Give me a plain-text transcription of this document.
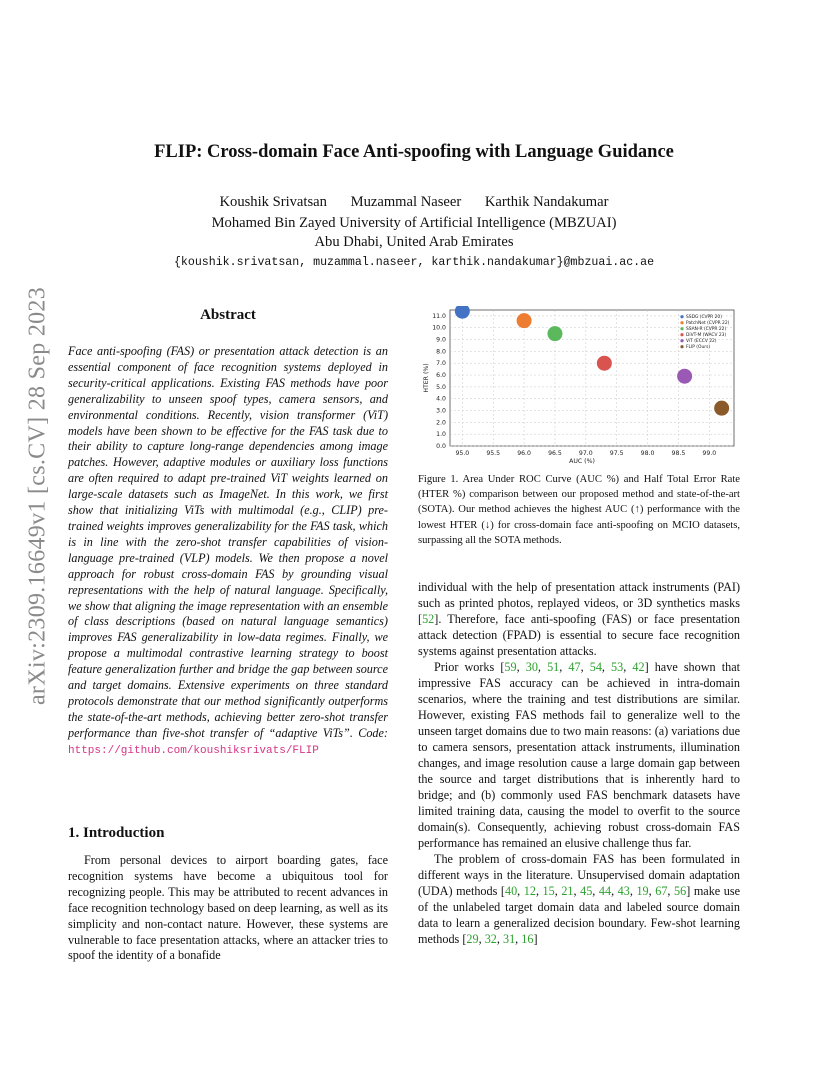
FLIP: Cross-domain Face Anti-spoofing with Language Guidance
Koushik Srivatsan Muzammal Naseer Karthik Nandakumar
Mohamed Bin Zayed University of Artificial Intelligence (MBZUAI)
Abu Dhabi, United Arab Emirates
{koushik.srivatsan, muzammal.naseer, karthik.nandakumar}@mbzuai.ac.ae
arXiv:2309.16649v1 [cs.CV] 28 Sep 2023	Abstract
Face anti-spoofing (FAS) or presentation attack detection is an essential component of face recognition systems deployed in security-critical applications. Existing FAS methods have poor generalizability to unseen spoof types, camera sensors, and environmental conditions. Recently, vision transformer (ViT) models have been shown to be effective for the FAS task due to their ability to capture long-range dependencies among image patches. However, adaptive modules or auxiliary loss functions are often required to adapt pre-trained ViT weights learned on large-scale datasets such as ImageNet. In this work, we first show that initializing ViTs with multimodal (e.g., CLIP) pre-trained weights improves generalizability for the FAS task, which is in line with the zero-shot transfer capabilities of vision-language pre-trained (VLP) models. We then propose a novel approach for robust cross-domain FAS by grounding visual representations with the help of natural language. Specifically, we show that aligning the image representation with an ensemble of class descriptions (based on natural language semantics) improves FAS generalizability in low-data regimes. Finally, we propose a multimodal contrastive learning strategy to boost feature generalization further and bridge the gap between source and target domains. Extensive experiments on three standard protocols demonstrate that our method significantly outperforms the state-of-the-art methods, achieving better zero-shot transfer performance than five-shot transfer of “adaptive ViTs”. Code: https://github.com/koushiksrivats/FLIP
1. Introduction

From personal devices to airport boarding gates, face recognition systems have become a ubiquitous tool for recognizing people. This may be attributed to recent advances in face recognition technology based on deep learning, as well as its simplicity and non-contact nature. However, these systems are vulnerable to face presentation attacks, where an attacker tries to spoof the identity of a bonafide

0.0
1.0
2.0
3.0
4.0
5.0
6.0
7.0
8.0
9.0
10.0
11.0
95.0	95.5	96.0	96.5	97.0	97.5	98.0	98.5	99.0
AUC (%)
HTER (%)
SSDG (CVPR 20)
PatchNet (CVPR 22)
SSAN-R (CVPR 22)
DiVT-M (WACV 23)
ViT (ECCV 22)
FLIP (Ours)
Figure 1. Area Under ROC Curve (AUC %) and Half Total Error Rate (HTER %) comparison between our proposed method and state-of-the-art (SOTA). Our method achieves the highest AUC (↑) performance with the lowest HTER (↓) for cross-domain face anti-spoofing on MCIO datasets, surpassing all the SOTA methods.

individual with the help of presentation attack instruments (PAI) such as printed photos, replayed videos, or 3D synthetics masks [52]. Therefore, face anti-spoofing (FAS) or face presentation attack detection (FPAD) is essential to secure face recognition systems against presentation attacks.

Prior works [59, 30, 51, 47, 54, 53, 42] have shown that impressive FAS accuracy can be achieved in intra-domain scenarios, where the training and test distributions are similar. However, existing FAS methods fail to generalize well to the unseen target domains due to two main reasons: (a) variations due to camera sensors, presentation attack instruments, illumination changes, and image resolution cause a large domain gap between the source and target distributions that is inherently hard to bridge; and (b) commonly used FAS benchmark datasets have limited training data, causing the model to overfit to the source domain(s). Consequently, achieving robust cross-domain FAS performance has remained an elusive challenge thus far.

The problem of cross-domain FAS has been formulated in different ways in the literature. Unsupervised domain adaptation (UDA) methods [40, 12, 15, 21, 45, 44, 43, 19, 67, 56] make use of the unlabeled target domain data and labeled source domain data to learn a generalized decision boundary. Few-shot learning methods [29, 32, 31, 16]
